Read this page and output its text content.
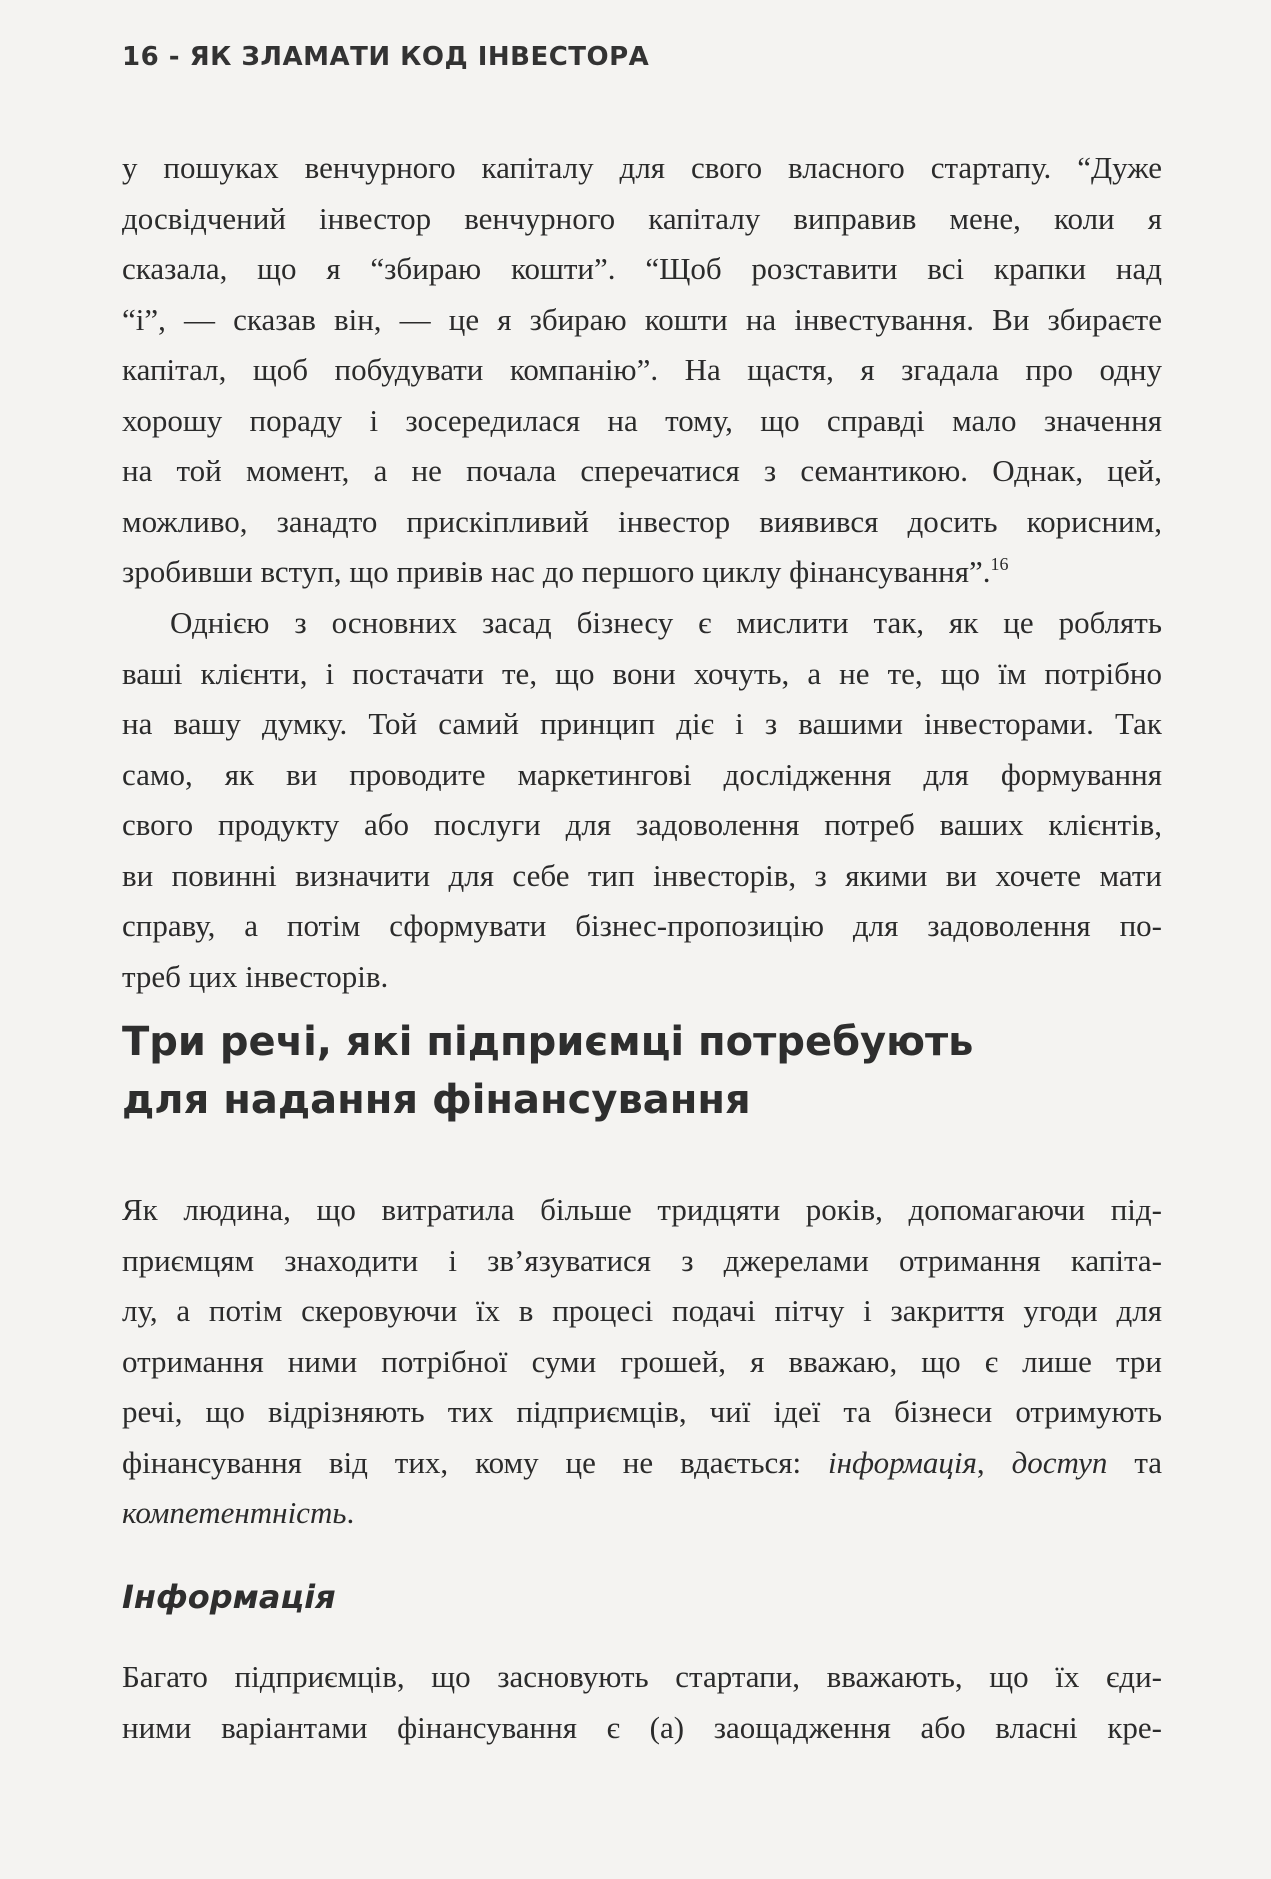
16 - ЯК ЗЛАМАТИ КОД ІНВЕСТОРА
у пошуках венчурного капіталу для свого власного стартапу. “Дуже
досвідчений інвестор венчурного капіталу виправив мене, коли я
сказала, що я “збираю кошти”. “Щоб розставити всі крапки над
“і”, — сказав він, — це я збираю кошти на інвестування. Ви збираєте
капітал, щоб побудувати компанію”. На щастя, я згадала про одну
хорошу пораду і зосередилася на тому, що справді мало значення
на той момент, а не почала сперечатися з семантикою. Однак, цей,
можливо, занадто прискіпливий інвестор виявився досить корисним,
зробивши вступ, що привів нас до першого циклу фінансування”.$^{16}$
Однією з основних засад бізнесу є мислити так, як це роблять
ваші клієнти, і постачати те, що вони хочуть, а не те, що їм потрібно
на вашу думку. Той самий принцип діє і з вашими інвесторами. Так
само, як ви проводите маркетингові дослідження для формування
свого продукту або послуги для задоволення потреб ваших клієнтів,
ви повинні визначити для себе тип інвесторів, з якими ви хочете мати
справу, а потім сформувати бізнес-пропозицію для задоволення по-
треб цих інвесторів.
Три речі, які підприємці потребують
для надання фінансування
Як людина, що витратила більше тридцяти років, допомагаючи під-
приємцям знаходити і зв’язуватися з джерелами отримання капіта-
лу, а потім скеровуючи їх в процесі подачі пітчу і закриття угоди для
отримання ними потрібної суми грошей, я вважаю, що є лише три
речі, що відрізняють тих підприємців, чиї ідеї та бізнеси отримують
фінансування від тих, кому це не вдається: інформація, доступ та
компетентність.
Інформація
Багато підприємців, що засновують стартапи, вважають, що їх єди-
ними варіантами фінансування є (а) заощадження або власні кре-
